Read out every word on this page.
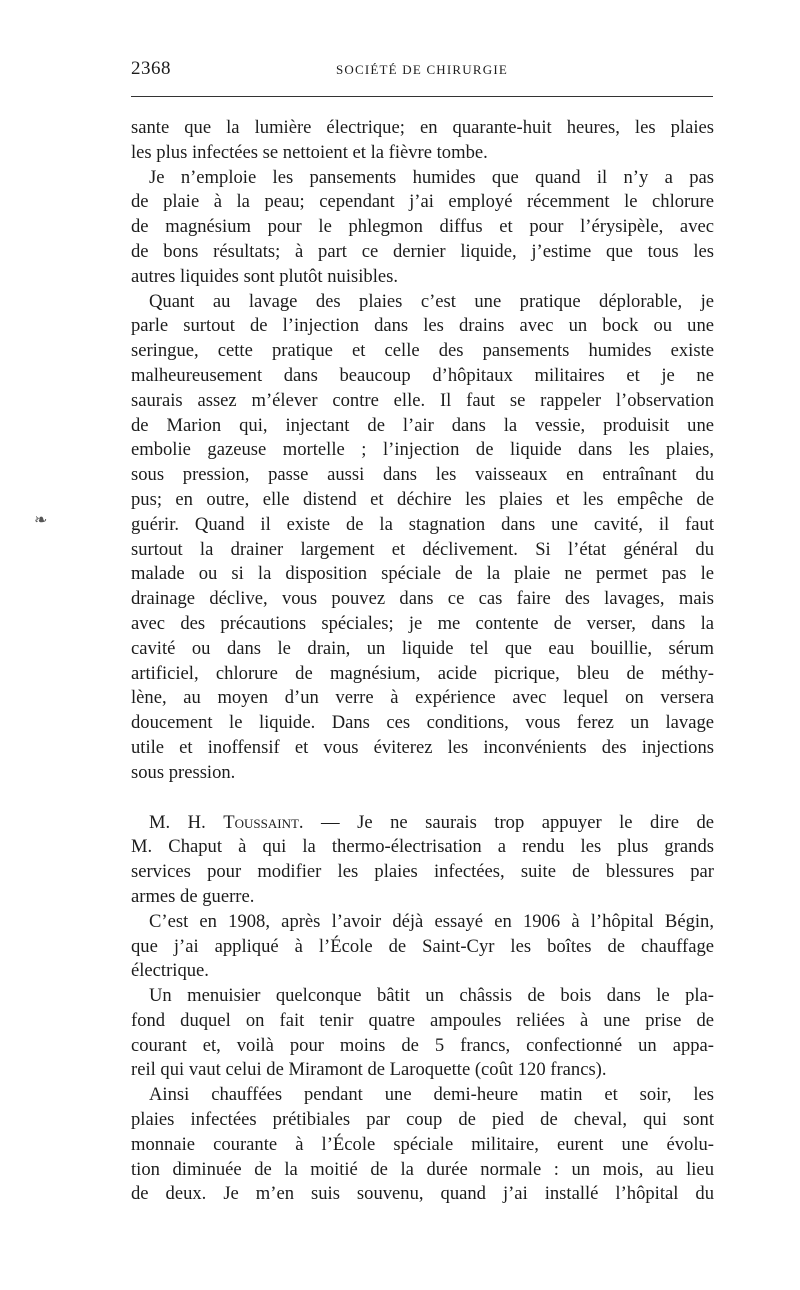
2368	SOCIÉTÉ DE CHIRURGIE
❧
sante que la lumière électrique; en quarante-huit heures, les plaies
les plus infectées se nettoient et la fièvre tombe.
Je n’emploie les pansements humides que quand il n’y a pas
de plaie à la peau; cependant j’ai employé récemment le chlorure
de magnésium pour le phlegmon diffus et pour l’érysipèle, avec
de bons résultats; à part ce dernier liquide, j’estime que tous les
autres liquides sont plutôt nuisibles.
Quant au lavage des plaies c’est une pratique déplorable, je
parle surtout de l’injection dans les drains avec un bock ou une
seringue, cette pratique et celle des pansements humides existe
malheureusement dans beaucoup d’hôpitaux militaires et je ne
saurais assez m’élever contre elle. Il faut se rappeler l’observation
de Marion qui, injectant de l’air dans la vessie, produisit une
embolie gazeuse mortelle ; l’injection de liquide dans les plaies,
sous pression, passe aussi dans les vaisseaux en entraînant du
pus; en outre, elle distend et déchire les plaies et les empêche de
guérir. Quand il existe de la stagnation dans une cavité, il faut
surtout la drainer largement et déclivement. Si l’état général du
malade ou si la disposition spéciale de la plaie ne permet pas le
drainage déclive, vous pouvez dans ce cas faire des lavages, mais
avec des précautions spéciales; je me contente de verser, dans la
cavité ou dans le drain, un liquide tel que eau bouillie, sérum
artificiel, chlorure de magnésium, acide picrique, bleu de méthy-
lène, au moyen d’un verre à expérience avec lequel on versera
doucement le liquide. Dans ces conditions, vous ferez un lavage
utile et inoffensif et vous éviterez les inconvénients des injections
sous pression.
M. H. Toussaint. — Je ne saurais trop appuyer le dire de
M. Chaput à qui la thermo-électrisation a rendu les plus grands
services pour modifier les plaies infectées, suite de blessures par
armes de guerre.
C’est en 1908, après l’avoir déjà essayé en 1906 à l’hôpital Bégin,
que j’ai appliqué à l’École de Saint-Cyr les boîtes de chauffage
électrique.
Un menuisier quelconque bâtit un châssis de bois dans le pla-
fond duquel on fait tenir quatre ampoules reliées à une prise de
courant et, voilà pour moins de 5 francs, confectionné un appa-
reil qui vaut celui de Miramont de Laroquette (coût 120 francs).
Ainsi chauffées pendant une demi-heure matin et soir, les
plaies infectées prétibiales par coup de pied de cheval, qui sont
monnaie courante à l’École spéciale militaire, eurent une évolu-
tion diminuée de la moitié de la durée normale : un mois, au lieu
de deux. Je m’en suis souvenu, quand j’ai installé l’hôpital du
